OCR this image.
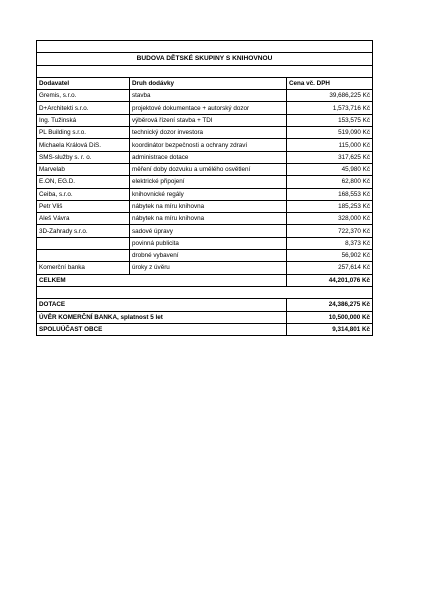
BUDOVA DĚTSKÉ SKUPINY S KNIHOVNOU		

Dodavatel	Druh dodávky	Cena vč. DPH
Gremis, s.r.o.	stavba	39,686,225 Kč
D+Architekti s.r.o.	projektové dokumentace + autorský dozor	1,573,716 Kč
Ing. Tužinská	výběrová řízení stavba + TDI	153,575 Kč
PL Building s.r.o.	technický dozor investora	519,090 Kč
Michaela Králová DiS.	koordinátor bezpečnosti a ochrany zdraví	115,000 Kč
SMS-služby s. r. o.	administrace dotace	317,625 Kč
Marvelab	měření doby dozvuku a umělého osvětlení	45,980 Kč
E.ON, EG.D.	elektrické připojení	62,800 Kč
Ceiba, s.r.o.	knihovnické regály	168,553 Kč
Petr Vliš	nábytek na míru knihovna	185,253 Kč
Aleš Vávra	nábytek na míru knihovna	328,000 Kč
3D-Zahrady s.r.o.	sadové úpravy	722,370 Kč
	povinná publicita	8,373 Kč
	drobné vybavení	56,902 Kč
Komerční banka	úroky z úvěru	257,614 Kč
CELKEM		44,201,076 Kč

DOTACE		24,386,275 Kč
ÚVĚR KOMERČNÍ BANKA, splatnost 5 let		10,500,000 Kč
SPOLUÚČAST OBCE		9,314,801 Kč
